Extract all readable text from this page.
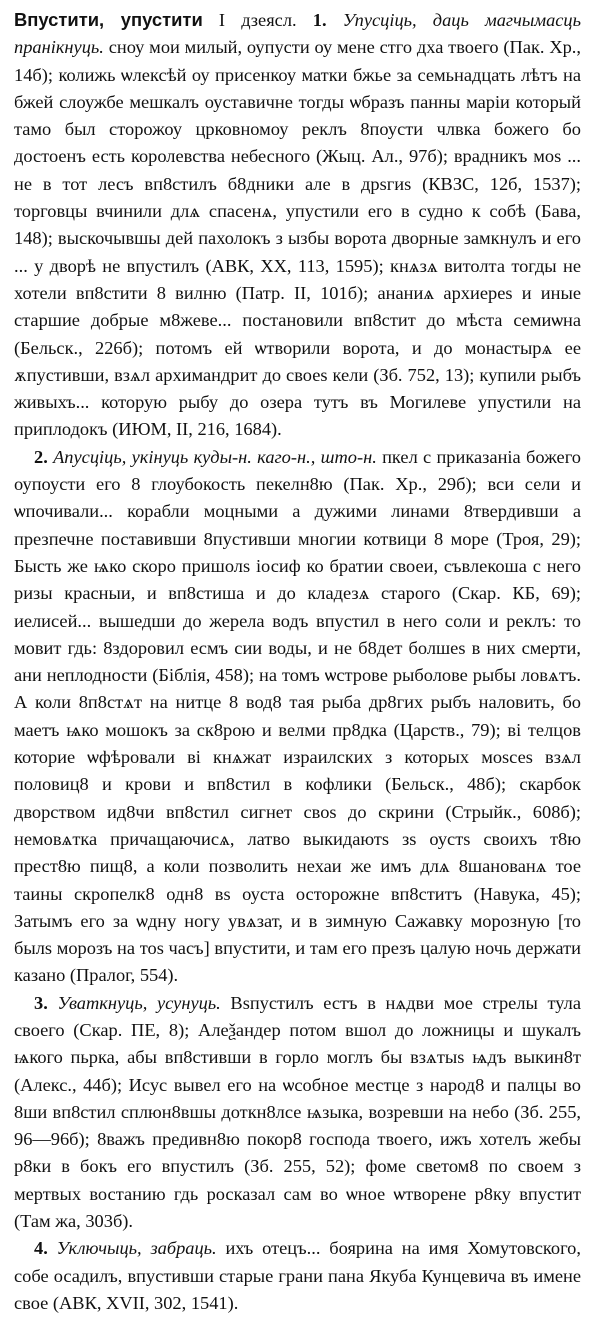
Впустити, упустити I дзеясл. 1. Упусціць, даць магчымасць пранікнуць. сноу мои милый, оупусти оу мене стго дха твоего (Пак. Хр., 14б); колижь ѡлексѣй оу присенкоу матки бжье за семьнадцать лѣтъ на бжей слоужбе мешкалъ оуставичне тогды ѡбразъ панны маріи который тамо был сторожоу црковномоу реклъ 8поусти члвка божего бо достоенъ есть королевства небесного (Жыц. Ал., 97б); врадникъ моs ... не в тот лесъ вп8стилъ б8дники але в дрѕгиs (КВЗС, 12б, 1537); торговцы вчинили длѧ спасенѧ, упустили его в судно к собѣ (Бава, 148); выскочывшы дей пахолокъ з ызбы ворота дворные замкнулъ и его ... у дворѣ не впустилъ (АВК, ХХ, 113, 1595); кнѧзѧ витолта тогды не хотели вп8стити 8 вилню (Патр. II, 101б); ананиѧ архиереѕ и иные старшие добрые м8жеве... постановили вп8стит до мѣста семиѡна (Бельск., 226б); потомъ ей ѡтворили ворота, и до монастырѧ ее ѫпустивши, взѧл архимандрит до своеѕ кели (Зб. 752, 13); купили рыбъ живыхъ... которую рыбу до озера тутъ въ Могилеве упустили на приплодокъ (ИЮМ, II, 216, 1684).

2. Апусціць, укінуць куды-н. каго-н., што-н. пкел с приказаніа божего оупоусти его 8 глоубокость пекелн8ю (Пак. Хр., 29б); вси сели и ѡпочивали... корабли моцными а дужими линами 8твердивши а презпечне поставивши 8пустивши многии котвици 8 море (Троя, 29); Бысть же ѩко скоро пришолѕ іосиф ко братии своеи, съвлекоша с него ризы красныи, и вп8стиша и до кладезѧ старого (Скар. КБ, 69); иелисей... вышедши до жерела водъ впустил в него соли и реклъ: то мовит гдь: 8здоровил есмъ сии воды, и не б8дет болшеѕ в них смерти, ани неплодности (Біблія, 458); на томъ ѡстрове рыболове рыбы ловѧтъ. А коли 8п8стѧт на нитце 8 вод8 тая рыба др8гих рыбъ наловить, бо маетъ ѩко мошокъ за ск8рою и велми пр8дка (Царств., 79); ві телцов которие ѡфѣровали ві кнѧжат израилских з которых моѕсеѕ взѧл половиц8 и крови и вп8стил в кофлики (Бельск., 48б); скарбок дворством ид8чи вп8стил сигнет своѕ до скрини (Стрыйк., 608б); немовѧтка причащаючисѧ, латво выкидаютѕ зѕ оустѕ своихъ т8ю прест8ю пищ8, а коли позволить нехаи же имъ длѧ 8шанованѧ тое таины скропелк8 одн8 вѕ оуста осторожне вп8ститъ (Навука, 45); Затымъ его за ѡдну ногу увѧзат, и в зимную Сажавку морозную [то былѕ морозъ на тоѕ часъ] впустити, и там его презъ цалую ночь держати казано (Пралог, 554).

3. Уваткнуць, усунуць. Вѕпустилъ естъ в нѧдви мое стрелы тула своего (Скар. ПЕ, 8); Алеѯандер потом вшол до ложницы и шукалъ ѩкого пьрка, абы вп8стивши в горло моглъ бы взѧтыѕ ѩдъ выкин8т (Алекс., 44б); Исус вывел его на ѡсобное местце з народ8 и палцы во 8ши вп8стил сплюн8вшы доткн8лсе ѩзыка, возревши на небо (Зб. 255, 96—96б); 8важъ предивн8ю покор8 господа твоего, ижъ хотелъ жебы р8ки в бокъ его впустилъ (Зб. 255, 52); фоме светом8 по своем з мертвых востанию гдь росказал сам во ѡное ѡтворене р8ку впустит (Там жа, 303б).

4. Уключыць, забраць. ихъ отецъ... боярина на имя Хомутовского, собе осадилъ, впустивши старые грани пана Якуба Кунцевича въ имене свое (АВК, XVII, 302, 1541).
